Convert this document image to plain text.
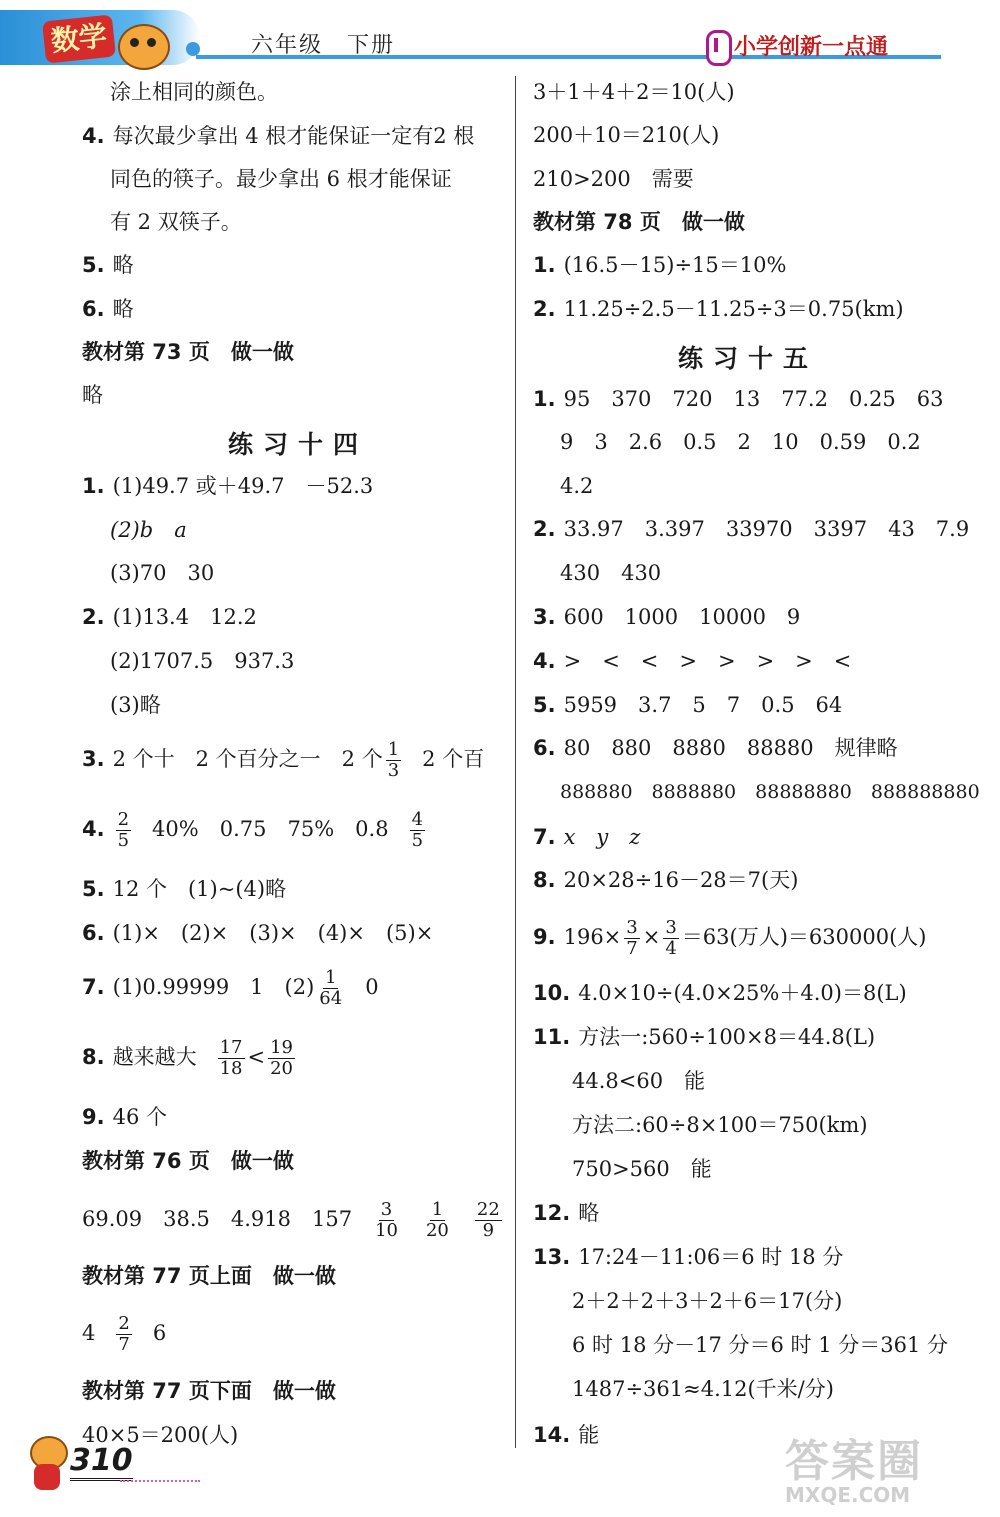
数学	六年级　下册	小学创新一点通
涂上相同的颜色。
4. 每次最少拿出 4 根才能保证一定有2 根
同色的筷子。最少拿出 6 根才能保证
有 2 双筷子。
5. 略
6. 略
教材第 73 页　做一做
略
练习十四
1. (1)49.7 或＋49.7　－52.3
(2)b　a
(3)70　30
2. (1)13.4　12.2
(2)1707.5　937.3
(3)略
3. 2 个十　2 个百分之一　2 个 $\frac{1}{3} 2$ 个百
4. $\frac{2}{5} 40\%$　0.75　75%　$0.8 \frac{4}{5}$
5. 12 个　(1)~(4)略
6. (1)×　(2)×　(3)×　(4)×　(5)×
7. (1)0.99999　1　$(2) \frac{1}{64} 0$
8. 越来越大 $\frac{17}{18} < \frac{19}{20}$
9. 46 个
教材第 76 页　做一做
69.09　38.5　4.918　$157 \frac{3}{10} \frac{1}{20} \frac{22}{9}$
教材第 77 页上面　做一做
$4 \frac{2}{7} 6$
教材第 77 页下面　做一做
40×5＝200(人)
3＋1＋4＋2＝10(人)
200＋10＝210(人)
210>200　需要
教材第 78 页　做一做
1. (16.5－15)÷15＝10%
2. 11.25÷2.5－11.25÷3＝0.75(km)
练习十五
1. 95　370　720　13　77.2　0.25　63
9　3　2.6　0.5　2　10　0.59　0.2
4.2
2. 33.97　3.397　33970　3397　43　7.9
430　430
3. 600　1000　10000　9
4. >　<　<　>　>　>　>　<
5. 5959　3.7　5　7　0.5　64
6. 80　880　8880　88880　规律略
888880　8888880　88888880　888888880
7. x　y　z
8. 20×28÷16－28＝7(天)
9. $196\times \frac{3}{7} \times \frac{3}{4} =63$(万人)＝630000(人)
10. 4.0×10÷(4.0×25%＋4.0)＝8(L)
11. 方法一:560÷100×8＝44.8(L)
44.8<60　能
方法二:60÷8×100＝750(km)
750>560　能
12. 略
13. 17:24－11:06＝6 时 18 分
2＋2＋2＋3＋2＋6＝17(分)
6 时 18 分－17 分＝6 时 1 分＝361 分
1487÷361≈4.12(千米/分)
14. 能
310	答案圈
MXQE.COM
